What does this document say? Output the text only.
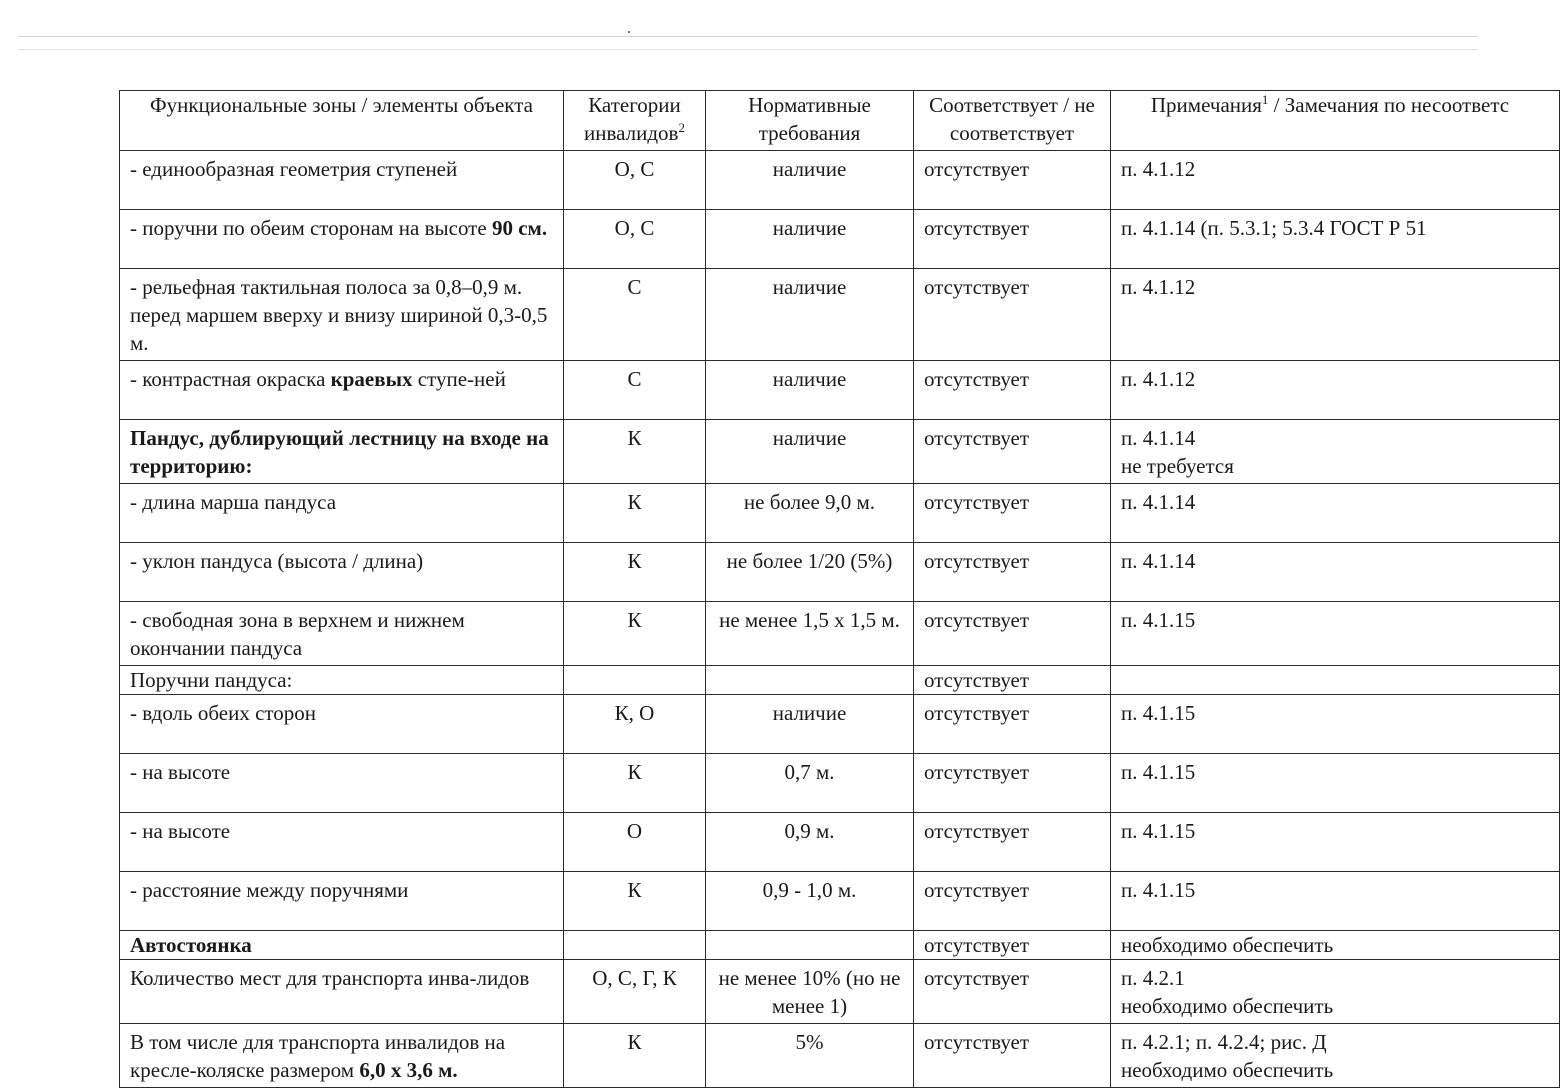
Функциональные зоны / элементы объекта	Категории инвалидов$^2$	Нормативные требования	Соответствует / не соответствует	Примечания$^1$ / Замечания по несоответс
- единообразная геометрия ступеней	О, С	наличие	отсутствует	п. 4.1.12
- поручни по обеим сторонам на высоте 90 см.	О, С	наличие	отсутствует	п. 4.1.14 (п. 5.3.1; 5.3.4 ГОСТ Р 51
- рельефная тактильная полоса за 0,8–0,9 м. перед маршем вверху и внизу шириной 0,3-0,5 м.	С	наличие	отсутствует	п. 4.1.12
- контрастная окраска краевых ступе-ней	С	наличие	отсутствует	п. 4.1.12
Пандус, дублирующий лестницу на входе на территорию:	К	наличие	отсутствует	п. 4.1.14
не требуется

- длина марша пандуса	К	не более 9,0 м.	отсутствует	п. 4.1.14
- уклон пандуса (высота / длина)	К	не более 1/20 (5%)	отсутствует	п. 4.1.14
- свободная зона в верхнем и нижнем окончании пандуса	К	не менее 1,5 х 1,5 м.	отсутствует	п. 4.1.15
Поручни пандуса:			отсутствует	
- вдоль обеих сторон	К, О	наличие	отсутствует	п. 4.1.15
- на высоте	К	0,7 м.	отсутствует	п. 4.1.15
- на высоте	О	0,9 м.	отсутствует	п. 4.1.15
- расстояние между поручнями	К	0,9 - 1,0 м.	отсутствует	п. 4.1.15
Автостоянка			отсутствует	необходимо обеспечить
Количество мест для транспорта инва-лидов	О, С, Г, К	не менее 10% (но не менее 1)	отсутствует	п. 4.2.1
необходимо обеспечить

В том числе для транспорта инвалидов на кресле-коляске размером 6,0 х 3,6 м.	К	5%	отсутствует	п. 4.2.1; п. 4.2.4; рис. Д
необходимо обеспечить
